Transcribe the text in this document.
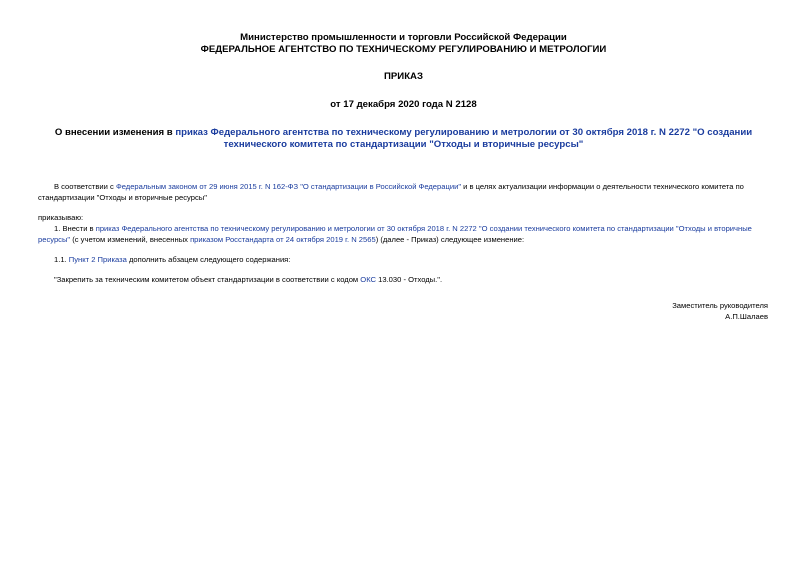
Министерство промышленности и торговли Российской Федерации
ФЕДЕРАЛЬНОЕ АГЕНТСТВО ПО ТЕХНИЧЕСКОМУ РЕГУЛИРОВАНИЮ И МЕТРОЛОГИИ
ПРИКАЗ
от 17 декабря 2020 года N 2128
О внесении изменения в приказ Федерального агентства по техническому регулированию и метрологии от 30 октября 2018 г. N 2272 "О создании технического комитета по стандартизации "Отходы и вторичные ресурсы"
В соответствии с Федеральным законом от 29 июня 2015 г. N 162-ФЗ "О стандартизации в Российской Федерации" и в целях актуализации информации о деятельности технического комитета по стандартизации "Отходы и вторичные ресурсы"
приказываю:
1. Внести в приказ Федерального агентства по техническому регулированию и метрологии от 30 октября 2018 г. N 2272 "О создании технического комитета по стандартизации "Отходы и вторичные ресурсы" (с учетом изменений, внесенных приказом Росстандарта от 24 октября 2019 г. N 2565) (далее - Приказ) следующее изменение:
1.1. Пункт 2 Приказа дополнить абзацем следующего содержания:
"Закрепить за техническим комитетом объект стандартизации в соответствии с кодом ОКС 13.030 - Отходы.".
Заместитель руководителя
А.П.Шалаев
